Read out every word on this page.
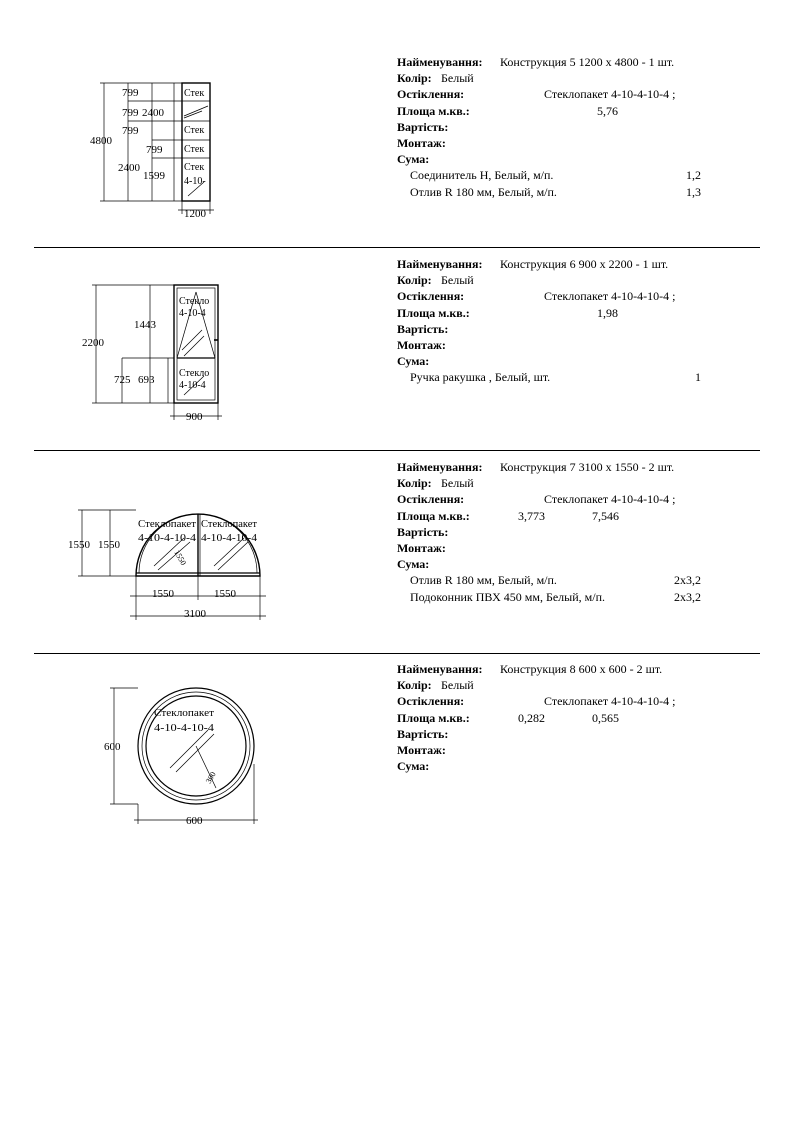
799
799 2400
799
4800
799
2400
1599
1200
Стек
Стек
Стек
Стек
4-10-
Найменування: Конструкция 5 1200 х 4800 - 1 шт.
Колір: Белый
Остіклення:	Стеклопакет 4-10-4-10-4 ;
Площа м.кв.:	5,76
Вартість:
Монтаж:
Сума:
Соединитель Н, Белый, м/п.	1,2
Отлив R 180 мм, Белый, м/п.	1,3
1443
2200
725 693
900
Стекло
4-10-4
Стекло
4-10-4
Найменування: Конструкция 6 900 х 2200 - 1 шт.
Колір: Белый
Остіклення:	Стеклопакет 4-10-4-10-4 ;
Площа м.кв.:	1,98
Вартість:
Монтаж:
Сума:
Ручка ракушка , Белый, шт.	1
1550 1550
1550	1550
3100
Стеклопакет
4-10-4-10-4
Стеклопакет
4-10-4-10-4
1550
Найменування: Конструкция 7 3100 х 1550 - 2 шт.
Колір: Белый
Остіклення:	Стеклопакет 4-10-4-10-4 ;
Площа м.кв.:	3,773	7,546
Вартість:
Монтаж:
Сума:
Отлив R 180 мм, Белый, м/п.	2x3,2
Подоконник ПВХ 450 мм, Белый, м/п.	2x3,2
600
600
Стеклопакет
4-10-4-10-4
300
Найменування: Конструкция 8 600 х 600 - 2 шт.
Колір: Белый
Остіклення:	Стеклопакет 4-10-4-10-4 ;
Площа м.кв.:	0,282	0,565
Вартість:
Монтаж:
Сума:
